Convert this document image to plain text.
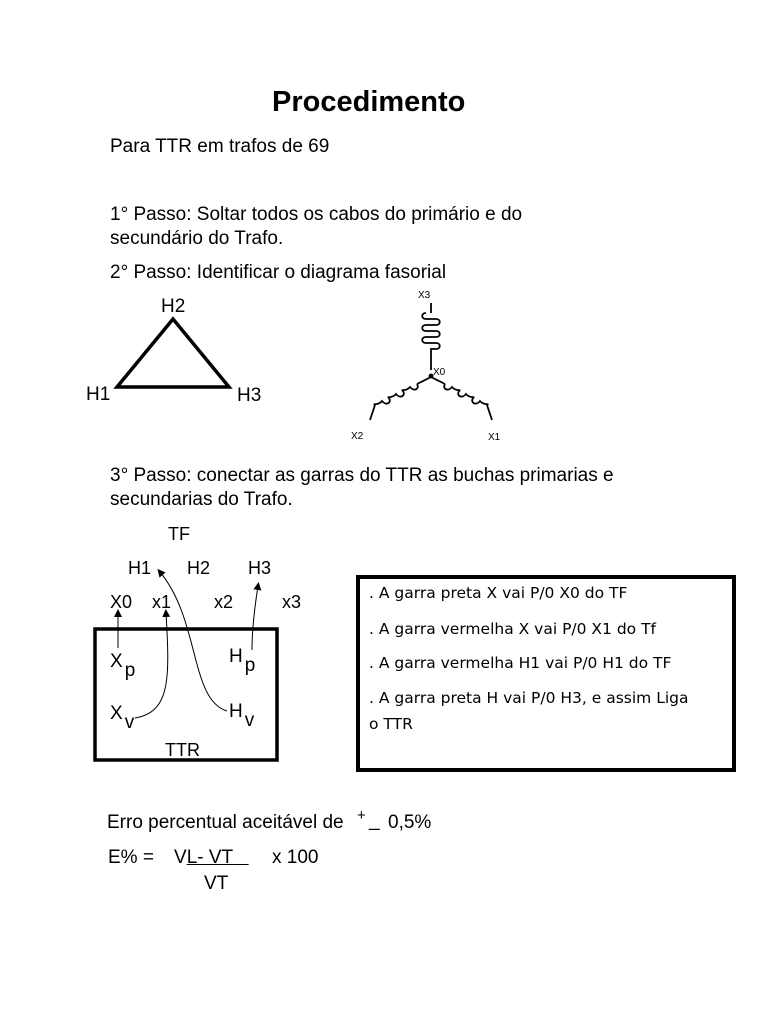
Procedimento
Para TTR em trafos de 69
1° Passo: Soltar todos os cabos do primário e do
secundário do Trafo.
2° Passo: Identificar o diagrama fasorial
H2
H1	H3
X3
X0
X2	X1
3° Passo: conectar as garras do TTR as buchas primarias e
secundarias do Trafo.
TF
H1 H2 H3
X0 x1 x2	x3
X p
H p
X v
H v
TTR
. A garra preta X vai P/0 X0 do TF
. A garra vermelha X vai P/0 X1 do Tf
. A garra vermelha H1 vai P/0 H1 do TF
. A garra preta H vai P/0 H3, e assim Liga
o TTR
Erro percentual aceitável de + _ 0,5%
E% = VL- VT	x 100
VT
